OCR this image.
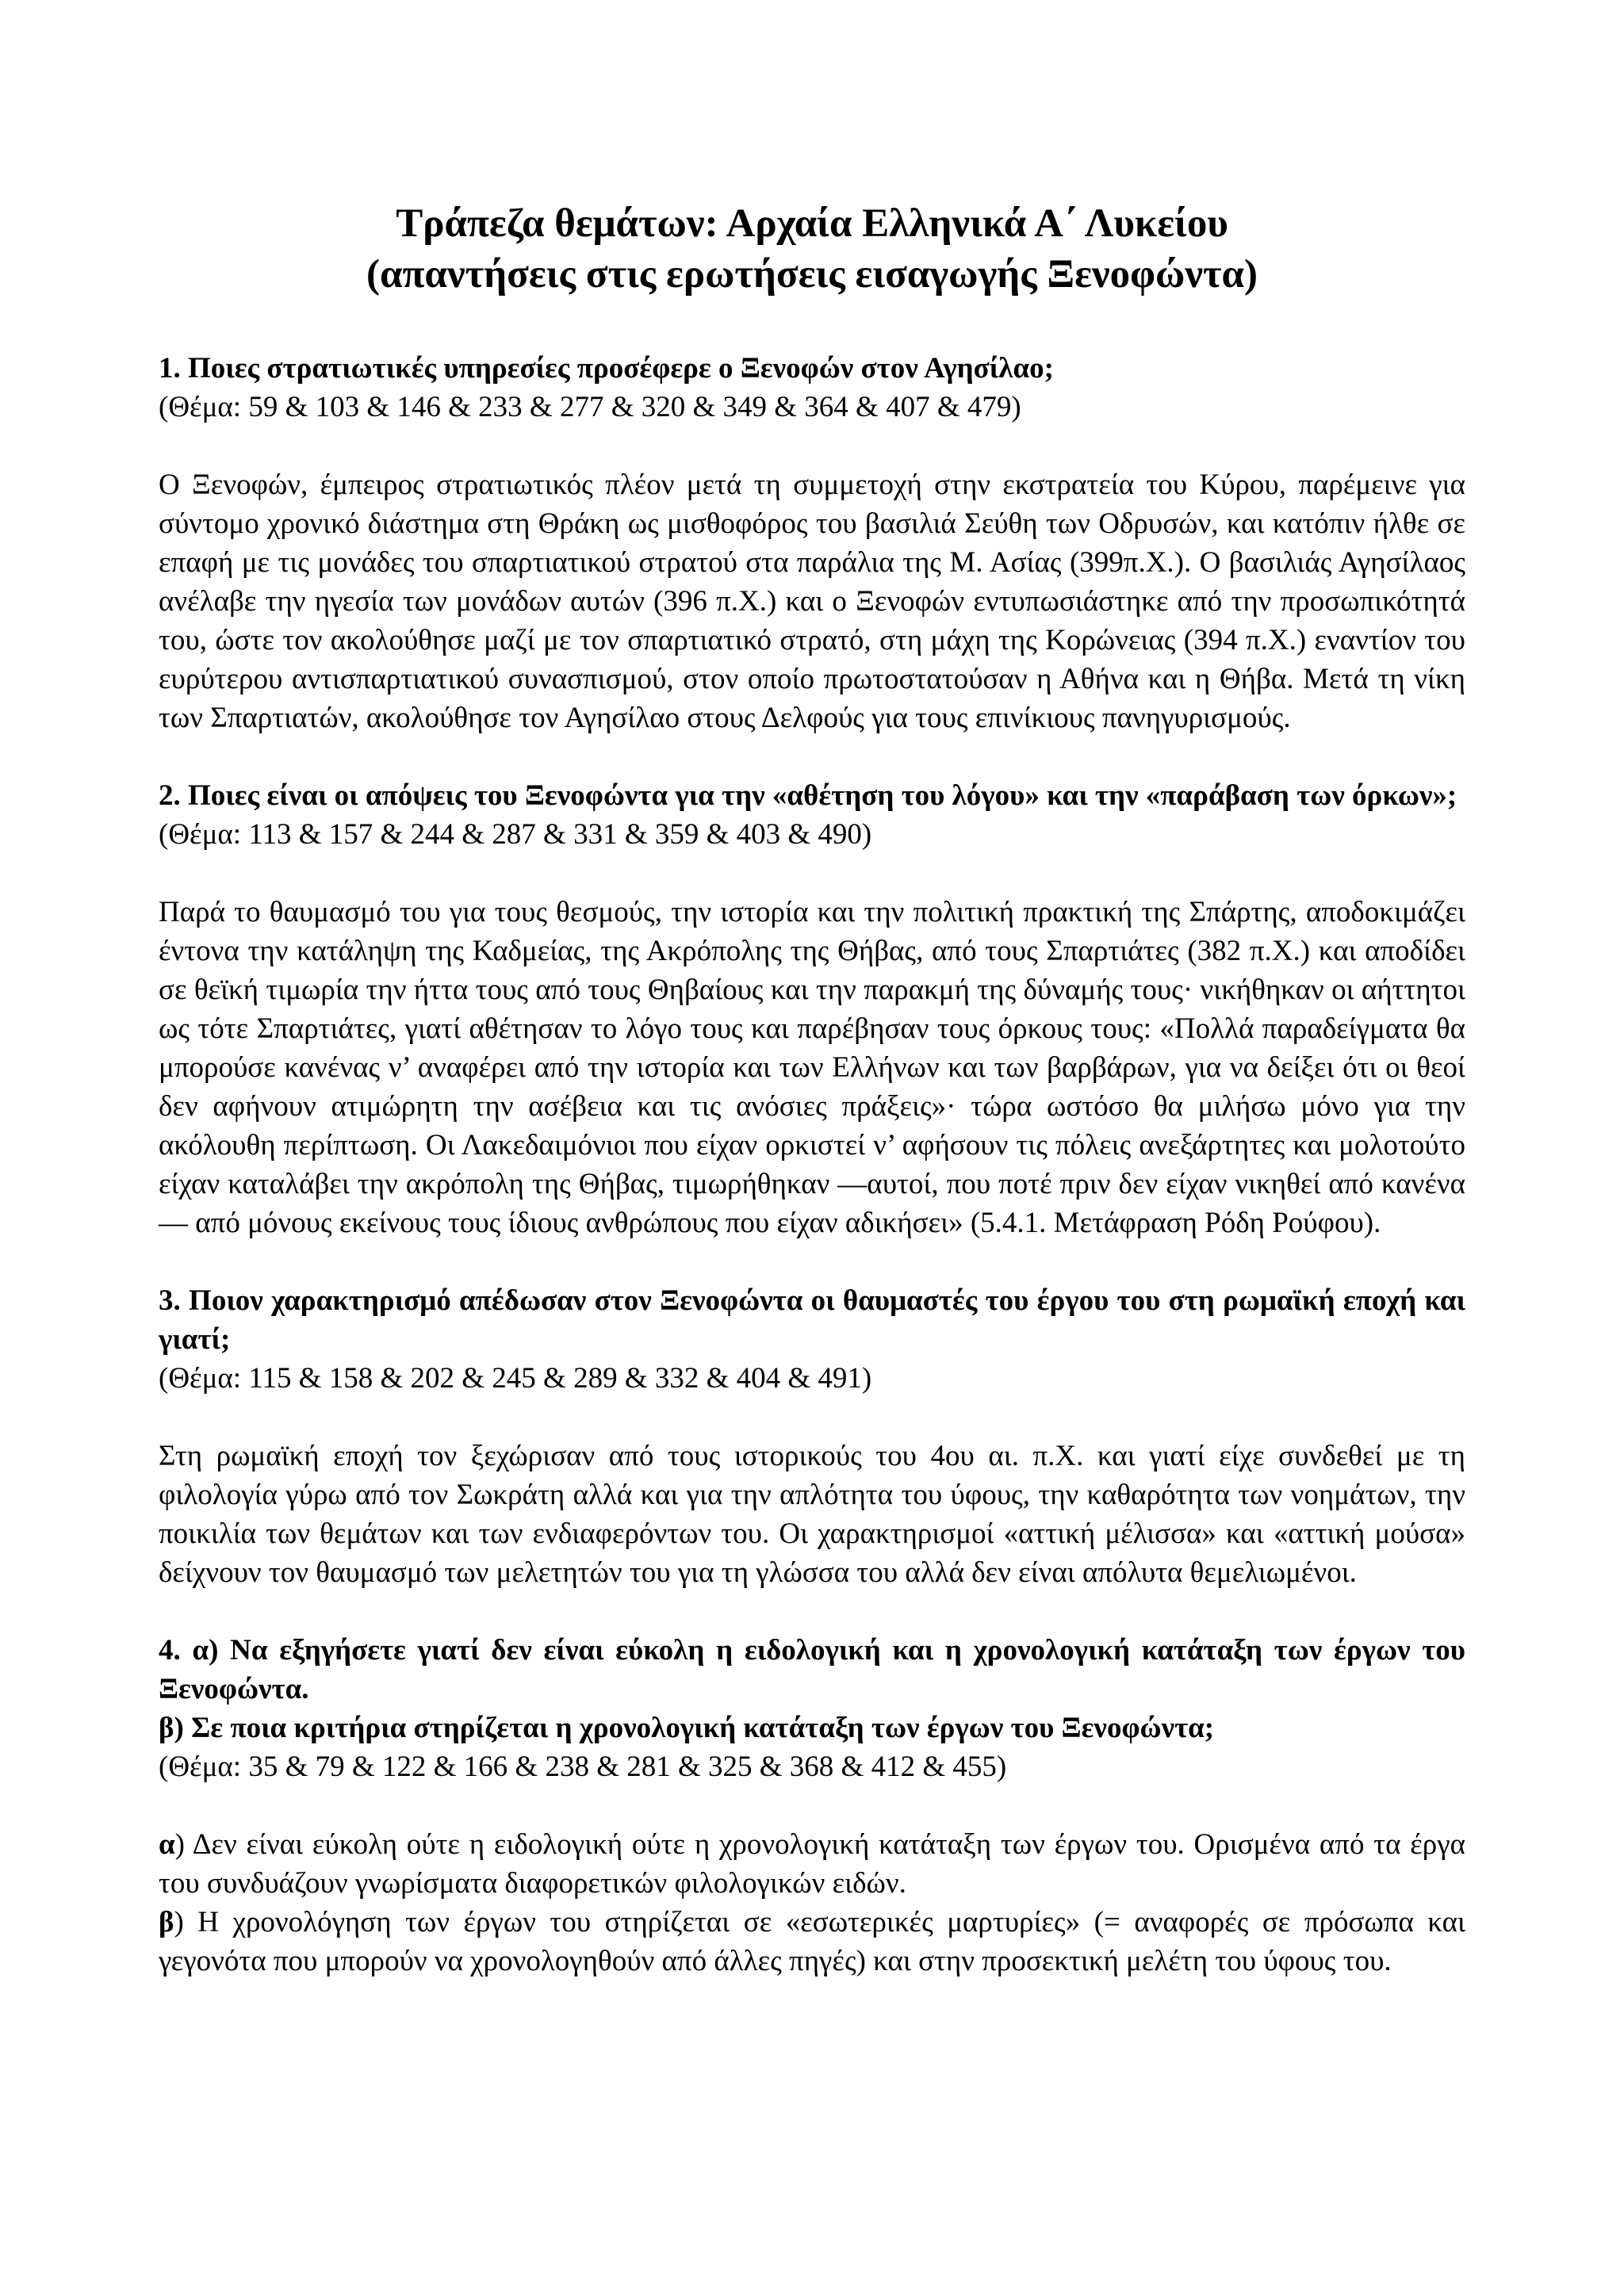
Τράπεζα θεμάτων: Αρχαία Ελληνικά Α΄ Λυκείου
(απαντήσεις στις ερωτήσεις εισαγωγής Ξενοφώντα)

1. Ποιες στρατιωτικές υπηρεσίες προσέφερε ο Ξενοφών στον Αγησίλαο;

(Θέμα: 59 & 103 & 146 & 233 & 277 & 320 & 349 & 364 & 407 & 479)

Ο Ξενοφών, έμπειρος στρατιωτικός πλέον μετά τη συμμετοχή στην εκστρατεία του Κύρου, παρέμεινε για σύντομο χρονικό διάστημα στη Θράκη ως μισθοφόρος του βασιλιά Σεύθη των Οδρυσών, και κατόπιν ήλθε σε επαφή με τις μονάδες του σπαρτιατικού στρατού στα παράλια της Μ. Ασίας (399π.Χ.). Ο βασιλιάς Αγησίλαος ανέλαβε την ηγεσία των μονάδων αυτών (396 π.Χ.) και ο Ξενοφών εντυπωσιάστηκε από την προσωπικότητά του, ώστε τον ακολούθησε μαζί με τον σπαρτιατικό στρατό, στη μάχη της Κορώνειας (394 π.Χ.) εναντίον του ευρύτερου αντισπαρτιατικού συνασπισμού, στον οποίο πρωτοστατούσαν η Αθήνα και η Θήβα. Μετά τη νίκη των Σπαρτιατών, ακολούθησε τον Αγησίλαο στους Δελφούς για τους επινίκιους πανηγυρισμούς.

2. Ποιες είναι οι απόψεις του Ξενοφώντα για την «αθέτηση του λόγου» και την «παράβαση των όρκων»;

(Θέμα: 113 & 157 & 244 & 287 & 331 & 359 & 403 & 490)

Παρά το θαυμασμό του για τους θεσμούς, την ιστορία και την πολιτική πρακτική της Σπάρτης, αποδοκιμάζει έντονα την κατάληψη της Καδμείας, της Ακρόπολης της Θήβας, από τους Σπαρτιάτες (382 π.Χ.) και αποδίδει σε θεϊκή τιμωρία την ήττα τους από τους Θηβαίους και την παρακμή της δύναμής τους· νικήθηκαν οι αήττητοι ως τότε Σπαρτιάτες, γιατί αθέτησαν το λόγο τους και παρέβησαν τους όρκους τους: «Πολλά παραδείγματα θα μπορούσε κανένας ν’ αναφέρει από την ιστορία και των Ελλήνων και των βαρβάρων, για να δείξει ότι οι θεοί δεν αφήνουν ατιμώρητη την ασέβεια και τις ανόσιες πράξεις»· τώρα ωστόσο θα μιλήσω μόνο για την ακόλουθη περίπτωση. Οι Λακεδαιμόνιοι που είχαν ορκιστεί ν’ αφήσουν τις πόλεις ανεξάρτητες και μολοτούτο είχαν καταλάβει την ακρόπολη της Θήβας, τιμωρήθηκαν —αυτοί, που ποτέ πριν δεν είχαν νικηθεί από κανένα— από μόνους εκείνους τους ίδιους ανθρώπους που είχαν αδικήσει» (5.4.1. Μετάφραση Ρόδη Ρούφου).

3. Ποιον χαρακτηρισμό απέδωσαν στον Ξενοφώντα οι θαυμαστές του έργου του στη ρωμαϊκή εποχή και γιατί;

(Θέμα: 115 & 158 & 202 & 245 & 289 & 332 & 404 & 491)

Στη ρωμαϊκή εποχή τον ξεχώρισαν από τους ιστορικούς του 4ου αι. π.Χ. και γιατί είχε συνδεθεί με τη φιλολογία γύρω από τον Σωκράτη αλλά και για την απλότητα του ύφους, την καθαρότητα των νοημάτων, την ποικιλία των θεμάτων και των ενδιαφερόντων του. Οι χαρακτηρισμοί «αττική μέλισσα» και «αττική μούσα» δείχνουν τον θαυμασμό των μελετητών του για τη γλώσσα του αλλά δεν είναι απόλυτα θεμελιωμένοι.

4. α) Να εξηγήσετε γιατί δεν είναι εύκολη η ειδολογική και η χρονολογική κατάταξη των έργων του Ξενοφώντα.

β) Σε ποια κριτήρια στηρίζεται η χρονολογική κατάταξη των έργων του Ξενοφώντα;

(Θέμα: 35 & 79 & 122 & 166 & 238 & 281 & 325 & 368 & 412 & 455)

α) Δεν είναι εύκολη ούτε η ειδολογική ούτε η χρονολογική κατάταξη των έργων του. Ορισμένα από τα έργα του συνδυάζουν γνωρίσματα διαφορετικών φιλολογικών ειδών.

β) Η χρονολόγηση των έργων του στηρίζεται σε «εσωτερικές μαρτυρίες» (= αναφορές σε πρόσωπα και γεγονότα που μπορούν να χρονολογηθούν από άλλες πηγές) και στην προσεκτική μελέτη του ύφους του.
